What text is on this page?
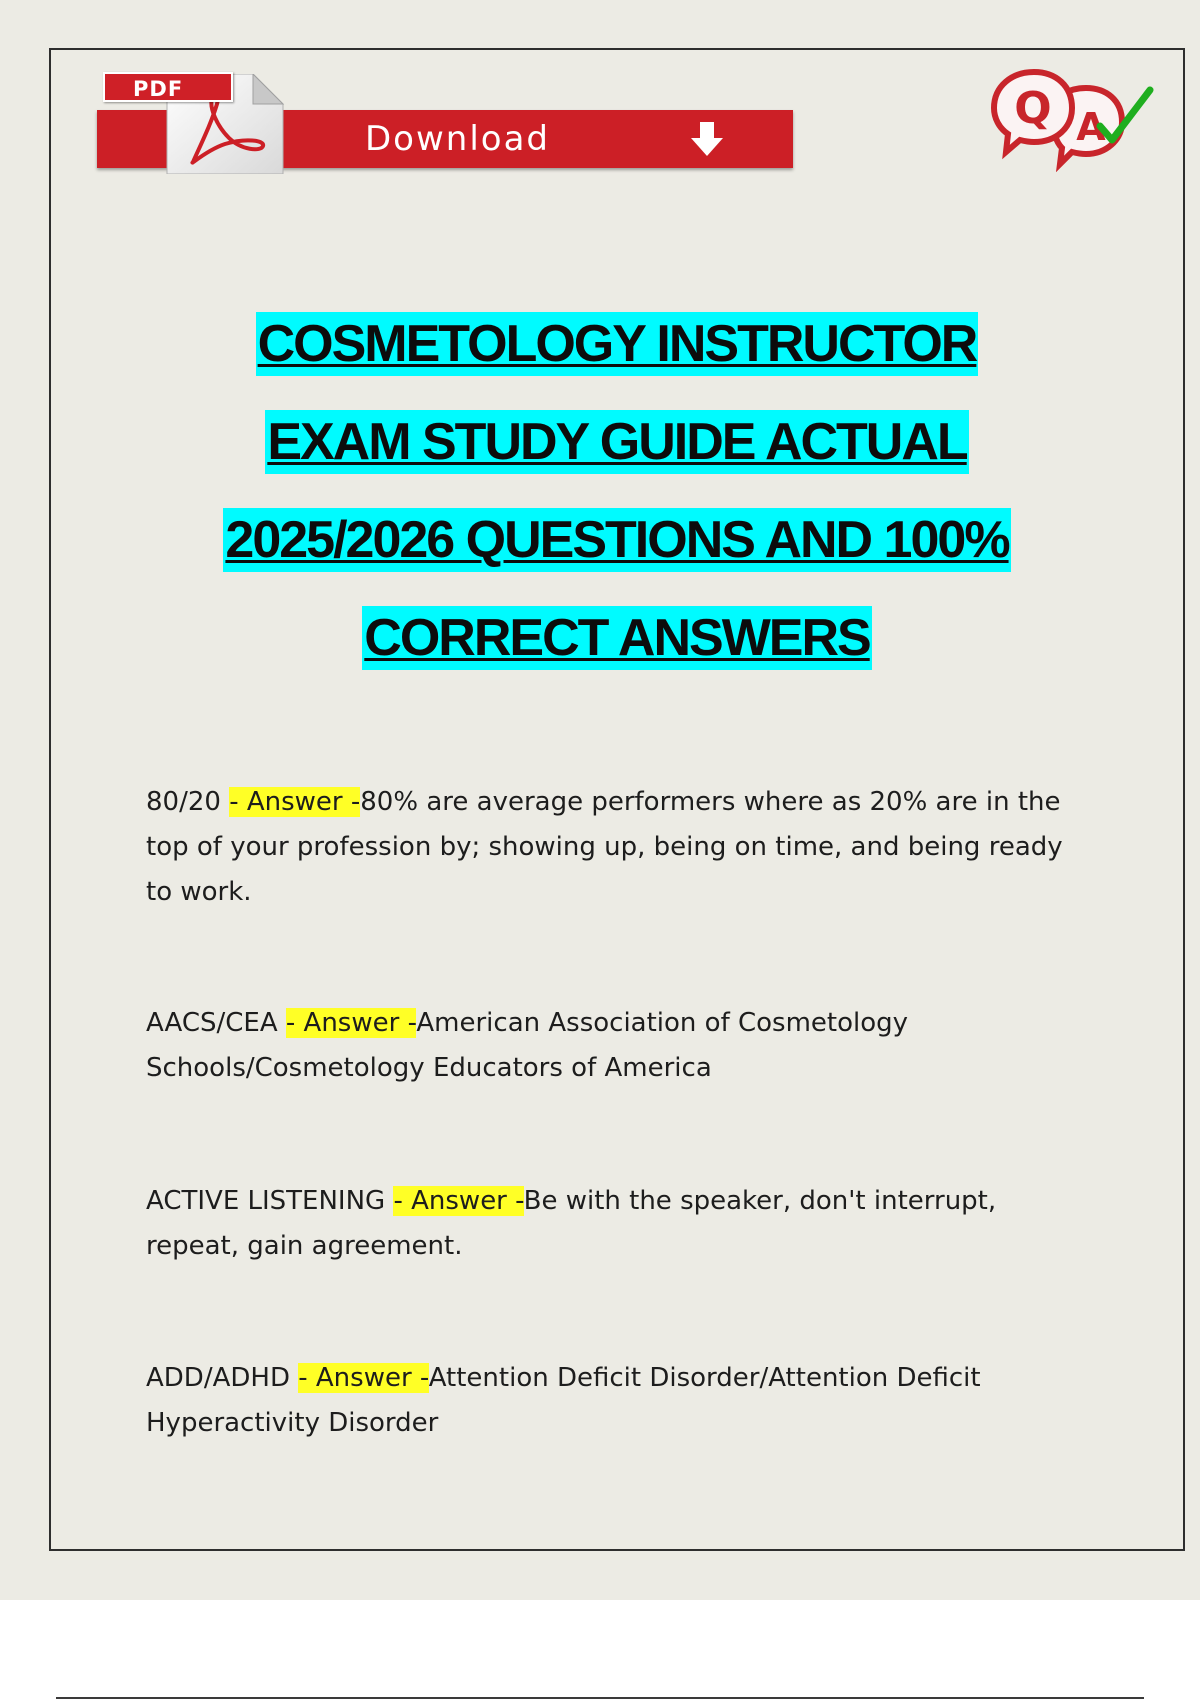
PDF
Download
Q A
COSMETOLOGY INSTRUCTOR
EXAM STUDY GUIDE ACTUAL
2025/2026 QUESTIONS AND 100%
CORRECT ANSWERS
80/20 - Answer -80% are average performers where as 20% are in the top of your profession by; showing up, being on time, and being ready to work.
AACS/CEA - Answer -American Association of Cosmetology Schools/Cosmetology Educators of America
ACTIVE LISTENING - Answer -Be with the speaker, don't interrupt, repeat, gain agreement.
ADD/ADHD - Answer -Attention Deficit Disorder/Attention Deficit Hyperactivity Disorder
